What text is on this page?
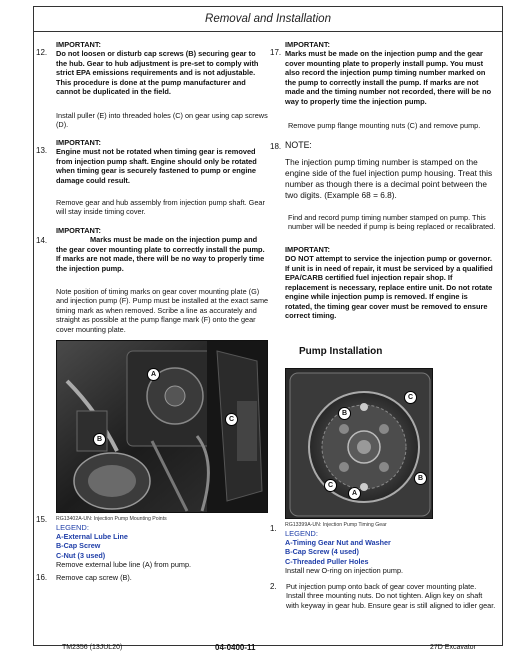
Removal and Installation
12.
IMPORTANT:
Do not loosen or disturb cap screws (B) securing gear to the hub. Gear to hub adjustment is pre-set to comply with strict EPA emissions requirements and is not adjustable. This procedure is done at the pump manufacturer and cannot be duplicated in the field.
Install puller (E) into threaded holes (C) on gear using cap screws (D).
13.
IMPORTANT:
Engine must not be rotated when timing gear is removed from injection pump shaft. Engine should only be rotated when timing gear is securely fastened to pump or engine damage could result.
Remove gear and hub assembly from injection pump shaft. Gear will stay inside timing cover.
14.
IMPORTANT:
Marks must be made on the injection pump and the gear cover mounting plate to correctly install the pump. If marks are not made, there will be no way to properly time the injection pump.
Note position of timing marks on gear cover mounting plate (G) and injection pump (F). Pump must be installed at the exact same timing mark as when removed. Scribe a line as accurately and straight as possible at the pump flange mark (F) onto the gear cover mounting plate.
17.
IMPORTANT:
Marks must be made on the injection pump and the gear cover mounting plate to properly install pump. You must also record the injection pump timing number marked on the pump to correctly install the pump. If marks are not made and the timing number not recorded, there will be no way to properly time the injection pump.
Remove pump flange mounting nuts (C) and remove pump.
18. NOTE:
The injection pump timing number is stamped on the engine side of the fuel injection pump housing. Treat this number as though there is a decimal point between the two digits. (Example 68 = 6.8).
Find and record pump timing number stamped on pump. This number will be needed if pump is being replaced or recalibrated.
IMPORTANT:
DO NOT attempt to service the injection pump or governor. If unit is in need of repair, it must be serviced by a qualified EPA/CARB certified fuel injection repair shop. If replacement is necessary, replace entire unit. Do not rotate engine while injection pump is removed. If engine is rotated, the timing gear cover must be removed to ensure correct timing.
Pump Installation
A
B
C
15. RG13402A-UN: Injection Pump Mounting Points
LEGEND:
A-External Lube Line
B-Cap Screw
C-Nut (3 used)
Remove external lube line (A) from pump.
16. Remove cap screw (B).
C
B
B
C
A
1. RG13399A-UN: Injection Pump Timing Gear
LEGEND:
A-Timing Gear Nut and Washer
B-Cap Screw (4 used)
C-Threaded Puller Holes
Install new O-ring on injection pump.
2. Put injection pump onto back of gear cover mounting plate. Install three mounting nuts. Do not tighten. Align key on shaft with keyway in gear hub. Ensure gear is still aligned to idler gear.
TM2356 (13JUL20)	04-0400-11	27D Excavator
